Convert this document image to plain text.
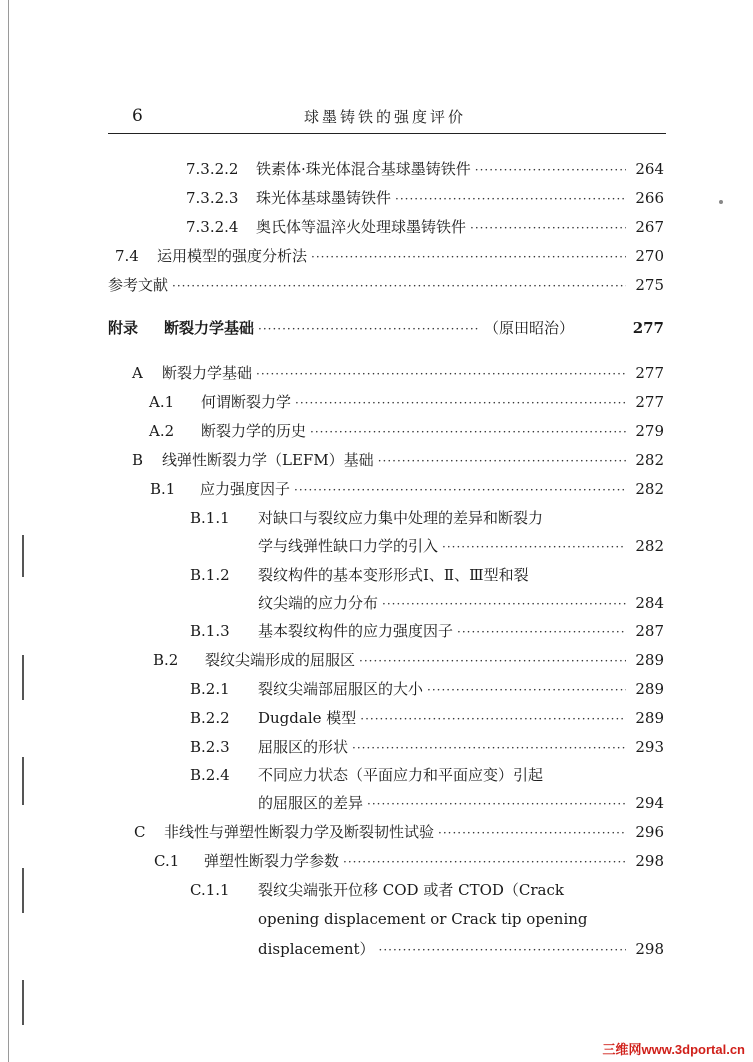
6	球墨铸铁的强度评价
7.3.2.2	铁素体·珠光体混合基球墨铸铁件 ·····	264
7.3.2.3	珠光体基球墨铸铁件 ·····	266
7.3.2.4	奥氏体等温淬火处理球墨铸铁件 ·····	267
7.4	运用模型的强度分析法 ·····	270
参考文献 ·····	275
附录	断裂力学基础 ·····	（原田昭治）	277
A	断裂力学基础 ·····	277
A.1	何谓断裂力学 ·····	277
A.2	断裂力学的历史 ·····	279
B	线弹性断裂力学（LEFM）基础 ·····	282
B.1	应力强度因子 ·····	282
B.1.1 对缺口与裂纹应力集中处理的差异和断裂力
学与线弹性缺口力学的引入 ·····	282
B.1.2 裂纹构件的基本变形形式Ⅰ、Ⅱ、Ⅲ型和裂
纹尖端的应力分布 ·····	284
B.1.3	基本裂纹构件的应力强度因子 ·····	287
B.2	裂纹尖端形成的屈服区 ·····	289
B.2.1	裂纹尖端部屈服区的大小 ·····	289
B.2.2	Dugdale 模型 ·····	289
B.2.3	屈服区的形状 ·····	293
B.2.4 不同应力状态（平面应力和平面应变）引起
的屈服区的差异 ·····	294
C	非线性与弹塑性断裂力学及断裂韧性试验 ·····	296
C.1	弹塑性断裂力学参数 ·····	298
C.1.1 裂纹尖端张开位移 COD 或者 CTOD（Crack
opening displacement or Crack tip opening
displacement） ·····	298
三维网www.3dportal.cn
